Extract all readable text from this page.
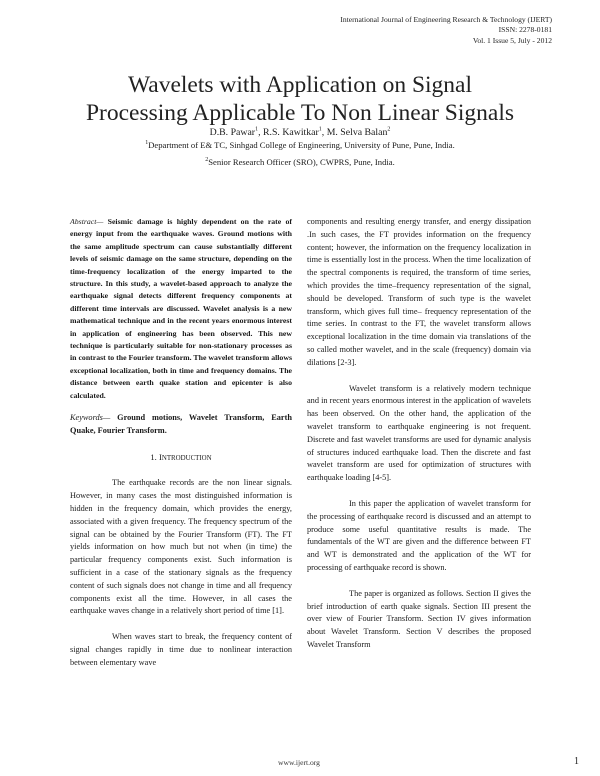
International Journal of Engineering Research & Technology (IJERT)
ISSN: 2278-0181
Vol. 1 Issue 5, July - 2012
Wavelets with Application on Signal
Processing Applicable To Non Linear Signals
D.B. Pawar$^1$, R.S. Kawitkar$^1$, M. Selva Balan$^2$
$^1$Department of E& TC, Sinhgad College of Engineering, University of Pune, Pune, India.
$^2$Senior Research Officer (SRO), CWPRS, Pune, India.

Abstract— Seismic damage is highly dependent on the rate of energy input from the earthquake waves. Ground motions with the same amplitude spectrum can cause substantially different levels of seismic damage on the same structure, depending on the time-frequency localization of the energy imparted to the structure. In this study, a wavelet-based approach to analyze the earthquake signal detects different frequency components at different time intervals are discussed. Wavelet analysis is a new mathematical technique and in the recent years enormous interest in application of engineering has been observed. This new technique is particularly suitable for non-stationary processes as in contrast to the Fourier transform. The wavelet transform allows exceptional localization, both in time and frequency domains. The distance between earth quake station and epicenter is also calculated.

Keywords— Ground motions, Wavelet Transform, Earth Quake, Fourier Transform.

1. INTRODUCTION

The earthquake records are the non linear signals. However, in many cases the most distinguished information is hidden in the frequency domain, which provides the energy, associated with a given frequency. The frequency spectrum of the signal can be obtained by the Fourier Transform (FT). The FT yields information on how much but not when (in time) the particular frequency components exist. Such information is sufficient in a case of the stationary signals as the frequency content of such signals does not change in time and all frequency components exist all the time. However, in all cases the earthquake waves change in a relatively short period of time [1].

When waves start to break, the frequency content of signal changes rapidly in time due to nonlinear interaction between elementary wave

components and resulting energy transfer, and energy dissipation .In such cases, the FT provides information on the frequency content; however, the information on the frequency localization in time is essentially lost in the process. When the time localization of the spectral components is required, the transform of time series, which provides the time–frequency representation of the signal, should be developed. Transform of such type is the wavelet transform, which gives full time– frequency representation of the time series. In contrast to the FT, the wavelet transform allows exceptional localization in the time domain via translations of the so called mother wavelet, and in the scale (frequency) domain via dilations [2-3].

Wavelet transform is a relatively modern technique and in recent years enormous interest in the application of wavelets has been observed. On the other hand, the application of the wavelet transform to earthquake engineering is not frequent. Discrete and fast wavelet transforms are used for dynamic analysis of structures induced earthquake load. Then the discrete and fast wavelet transform are used for optimization of structures with earthquake loading [4-5].

In this paper the application of wavelet transform for the processing of earthquake record is discussed and an attempt to produce some useful quantitative results is made. The fundamentals of the WT are given and the difference between FT and WT is demonstrated and the application of the WT for processing of earthquake record is shown.

The paper is organized as follows. Section II gives the brief introduction of earth quake signals. Section III present the over view of Fourier Transform. Section IV gives information about Wavelet Transform. Section V describes the proposed Wavelet Transform

www.ijert.org	1
